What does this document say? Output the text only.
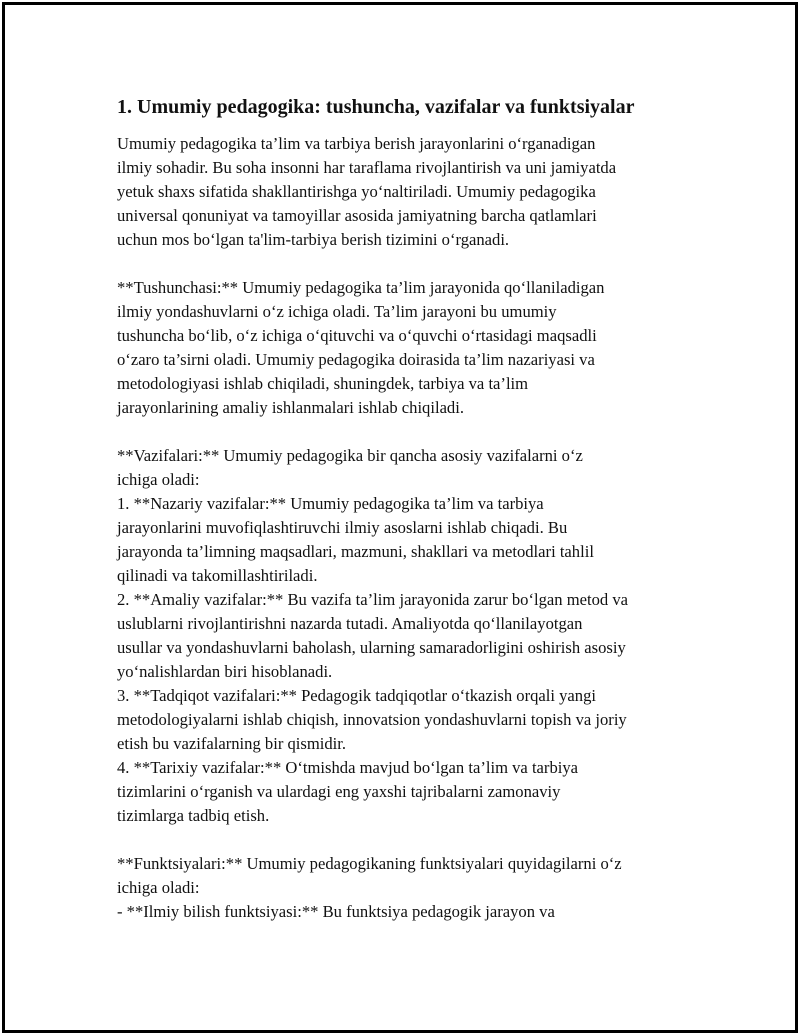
1. Umumiy pedagogika: tushuncha, vazifalar va funktsiyalar

Umumiy pedagogika ta’lim va tarbiya berish jarayonlarini o‘rganadigan
ilmiy sohadir. Bu soha insonni har taraflama rivojlantirish va uni jamiyatda
yetuk shaxs sifatida shakllantirishga yo‘naltiriladi. Umumiy pedagogika
universal qonuniyat va tamoyillar asosida jamiyatning barcha qatlamlari
uchun mos bo‘lgan ta'lim-tarbiya berish tizimini o‘rganadi.

**Tushunchasi:** Umumiy pedagogika ta’lim jarayonida qo‘llaniladigan
ilmiy yondashuvlarni o‘z ichiga oladi. Ta’lim jarayoni bu umumiy
tushuncha bo‘lib, o‘z ichiga o‘qituvchi va o‘quvchi o‘rtasidagi maqsadli
o‘zaro ta’sirni oladi. Umumiy pedagogika doirasida ta’lim nazariyasi va
metodologiyasi ishlab chiqiladi, shuningdek, tarbiya va ta’lim
jarayonlarining amaliy ishlanmalari ishlab chiqiladi.

**Vazifalari:** Umumiy pedagogika bir qancha asosiy vazifalarni o‘z
ichiga oladi:
1. **Nazariy vazifalar:** Umumiy pedagogika ta’lim va tarbiya
jarayonlarini muvofiqlashtiruvchi ilmiy asoslarni ishlab chiqadi. Bu
jarayonda ta’limning maqsadlari, mazmuni, shakllari va metodlari tahlil
qilinadi va takomillashtiriladi.
2. **Amaliy vazifalar:** Bu vazifa ta’lim jarayonida zarur bo‘lgan metod va
uslublarni rivojlantirishni nazarda tutadi. Amaliyotda qo‘llanilayotgan
usullar va yondashuvlarni baholash, ularning samaradorligini oshirish asosiy
yo‘nalishlardan biri hisoblanadi.
3. **Tadqiqot vazifalari:** Pedagogik tadqiqotlar o‘tkazish orqali yangi
metodologiyalarni ishlab chiqish, innovatsion yondashuvlarni topish va joriy
etish bu vazifalarning bir qismidir.
4. **Tarixiy vazifalar:** O‘tmishda mavjud bo‘lgan ta’lim va tarbiya
tizimlarini o‘rganish va ulardagi eng yaxshi tajribalarni zamonaviy
tizimlarga tadbiq etish.

**Funktsiyalari:** Umumiy pedagogikaning funktsiyalari quyidagilarni o‘z
ichiga oladi:
- **Ilmiy bilish funktsiyasi:** Bu funktsiya pedagogik jarayon va
